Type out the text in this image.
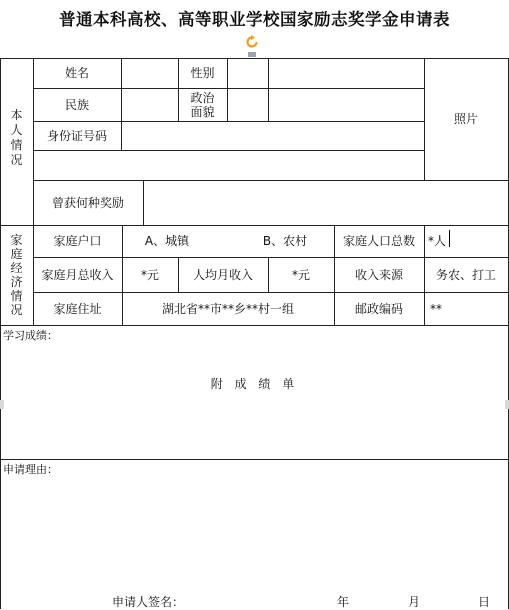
普通本科高校、高等职业学校国家励志奖学金申请表
本
人
情
况
家
庭
经
济
情
况
姓名	性别
民族	政治
面貌
身份证号码
照片
曾获何种奖励
家庭户口	A、城镇	B、农村	家庭人口总数	*人
家庭月总收入	*元	人均月收入	*元	收入来源	务农、打工
家庭住址	湖北省**市**乡**村一组	邮政编码	**
学习成绩：
附 成 绩 单
申请理由：
申请人签名：	年	月	日
